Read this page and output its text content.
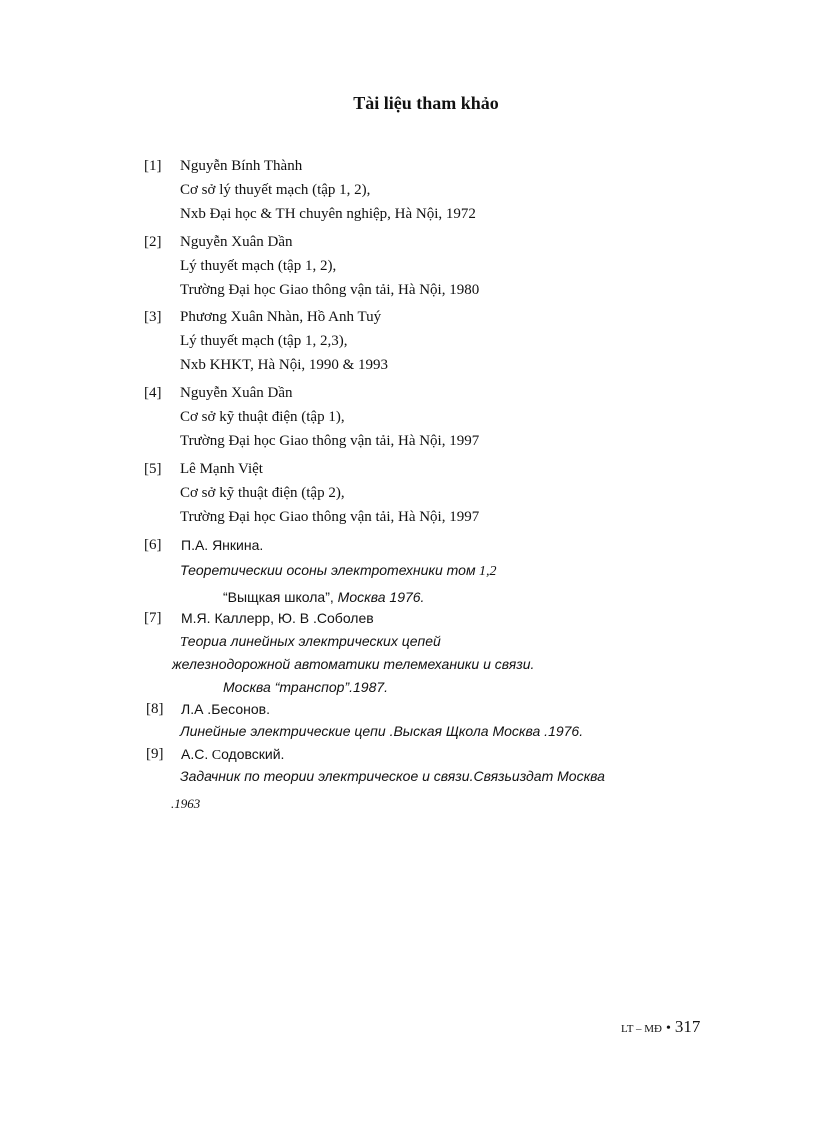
Tài liệu tham khảo
[1] Nguyễn Bính Thành
Cơ sở lý thuyết mạch (tập 1, 2),
Nxb Đại học & TH chuyên nghiệp, Hà Nội, 1972
[2] Nguyễn Xuân Dần
Lý thuyết mạch (tập 1, 2),
Trường Đại học Giao thông vận tải, Hà Nội, 1980
[3] Phương Xuân Nhàn, Hồ Anh Tuý
Lý thuyết mạch (tập 1, 2,3),
Nxb KHKT, Hà Nội, 1990 & 1993
[4] Nguyễn Xuân Dần
Cơ sở kỹ thuật điện (tập 1),
Trường Đại học Giao thông vận tải, Hà Nội, 1997
[5] Lê Mạnh Việt
Cơ sở kỹ thuật điện (tập 2),
Trường Đại học Giao thông vận tải, Hà Nội, 1997
[6] П.А. Янкина.
Теоретическии осоны электротехники том 1,2
“Выщкая школа”, Москва 1976.
[7] М.Я. Каллерр, Ю. В .Соболев
Теориа линейных электрических цепей
железнодорожной автоматики телемеханики и связи.
Москва “транспор”.1987.
[8] Л.А .Бесонов.
Линейные электрические цепи .Выская Щкола Москва .1976.
[9] А.С. Содовский.
Задачник по теории электрическое и связи.Связьиздат Москва
.1963
LT – MĐ • 317
